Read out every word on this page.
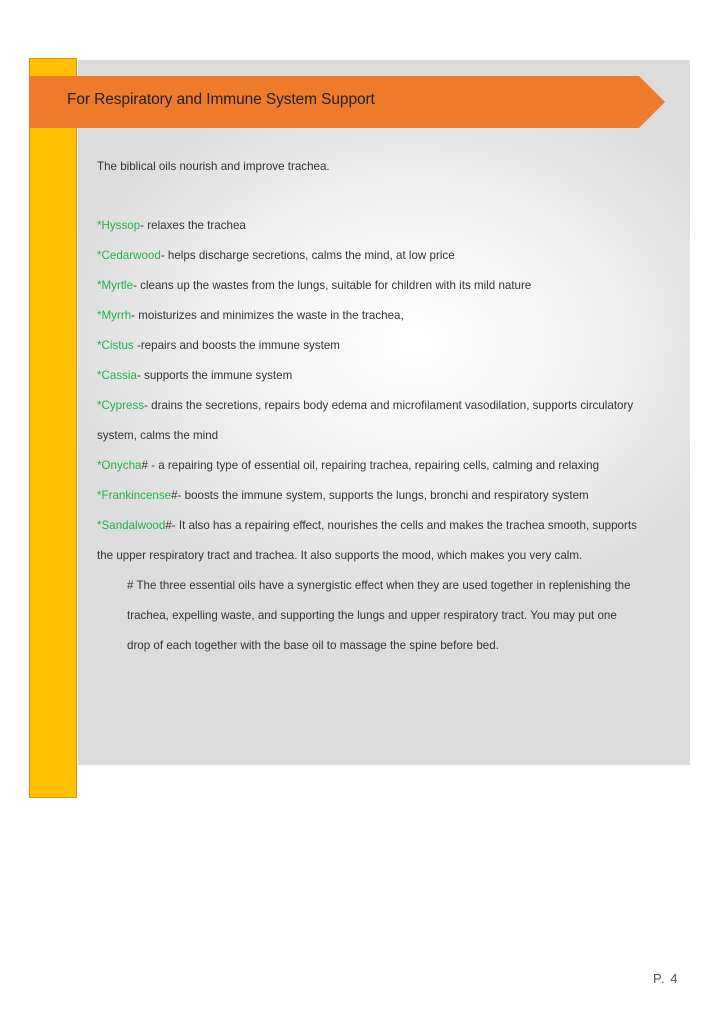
For Respiratory and Immune System Support
The biblical oils nourish and improve trachea.
*Hyssop- relaxes the trachea
*Cedarwood- helps discharge secretions, calms the mind, at low price
*Myrtle- cleans up the wastes from the lungs, suitable for children with its mild nature
*Myrrh- moisturizes and minimizes the waste in the trachea,
*Cistus -repairs and boosts the immune system
*Cassia- supports the immune system
*Cypress- drains the secretions, repairs body edema and microfilament vasodilation, supports circulatory
system, calms the mind
*Onycha# - a repairing type of essential oil, repairing trachea, repairing cells, calming and relaxing
*Frankincense#- boosts the immune system, supports the lungs, bronchi and respiratory system
*Sandalwood#- It also has a repairing effect, nourishes the cells and makes the trachea smooth, supports
the upper respiratory tract and trachea. It also supports the mood, which makes you very calm.
# The three essential oils have a synergistic effect when they are used together in replenishing the
trachea, expelling waste, and supporting the lungs and upper respiratory tract. You may put one
drop of each together with the base oil to massage the spine before bed.
P. 4
